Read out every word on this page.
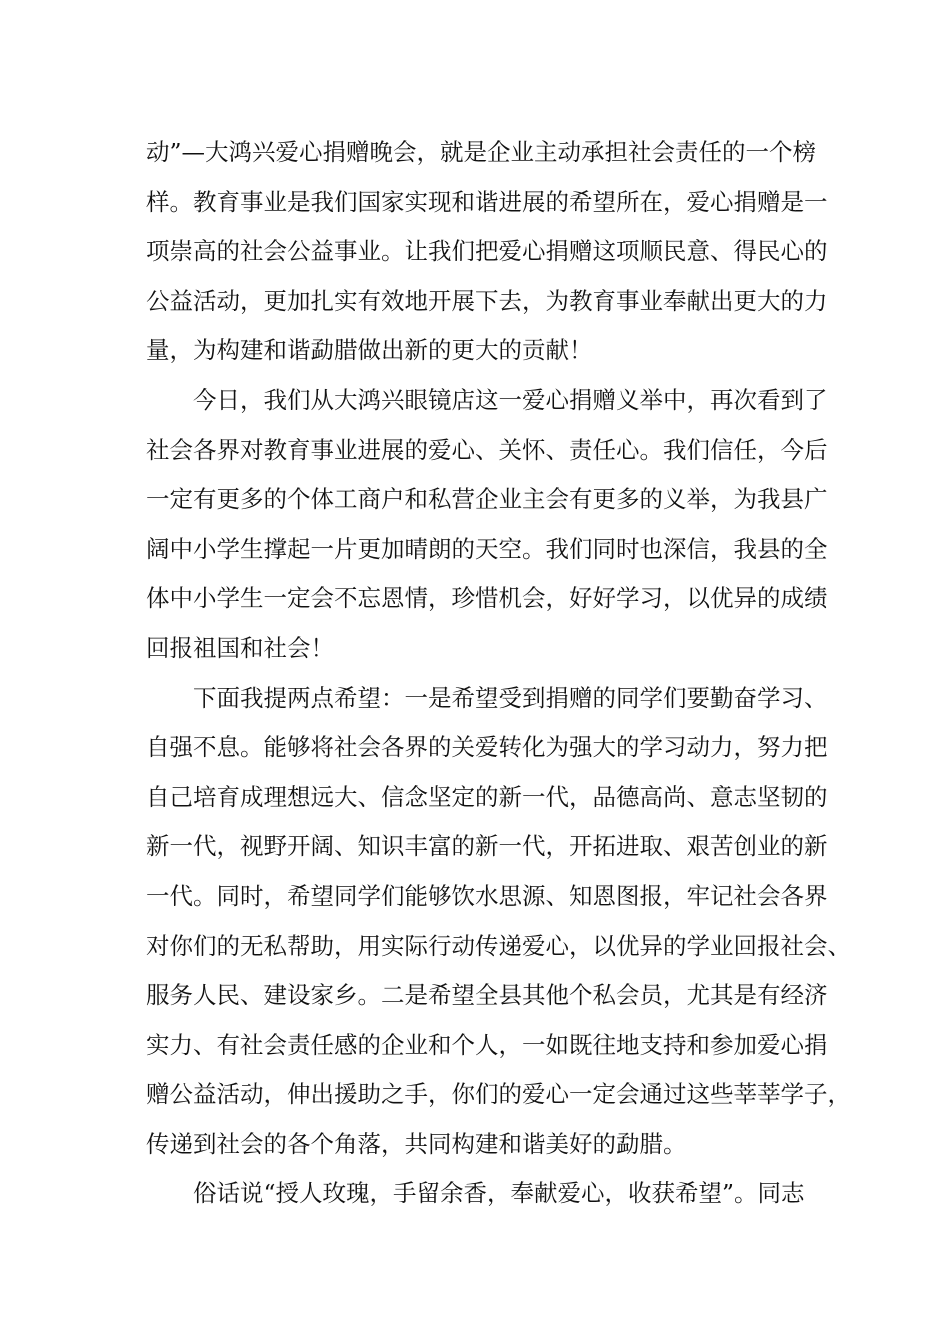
动”—大鸿兴爱心捐赠晚会，就是企业主动承担社会责任的一个榜
样。教育事业是我们国家实现和谐进展的希望所在，爱心捐赠是一
项崇高的社会公益事业。让我们把爱心捐赠这项顺民意、得民心的
公益活动，更加扎实有效地开展下去，为教育事业奉献出更大的力
量，为构建和谐勐腊做出新的更大的贡献！
今日，我们从大鸿兴眼镜店这一爱心捐赠义举中，再次看到了
社会各界对教育事业进展的爱心、关怀、责任心。我们信任，今后
一定有更多的个体工商户和私营企业主会有更多的义举，为我县广
阔中小学生撑起一片更加晴朗的天空。我们同时也深信，我县的全
体中小学生一定会不忘恩情，珍惜机会，好好学习，以优异的成绩
回报祖国和社会！
下面我提两点希望：一是希望受到捐赠的同学们要勤奋学习、
自强不息。能够将社会各界的关爱转化为强大的学习动力，努力把
自己培育成理想远大、信念坚定的新一代，品德高尚、意志坚韧的
新一代，视野开阔、知识丰富的新一代，开拓进取、艰苦创业的新
一代。同时，希望同学们能够饮水思源、知恩图报，牢记社会各界
对你们的无私帮助，用实际行动传递爱心，以优异的学业回报社会、
服务人民、建设家乡。二是希望全县其他个私会员，尤其是有经济
实力、有社会责任感的企业和个人，一如既往地支持和参加爱心捐
赠公益活动，伸出援助之手，你们的爱心一定会通过这些莘莘学子，
传递到社会的各个角落，共同构建和谐美好的勐腊。
俗话说“授人玫瑰，手留余香，奉献爱心，收获希望”。同志
